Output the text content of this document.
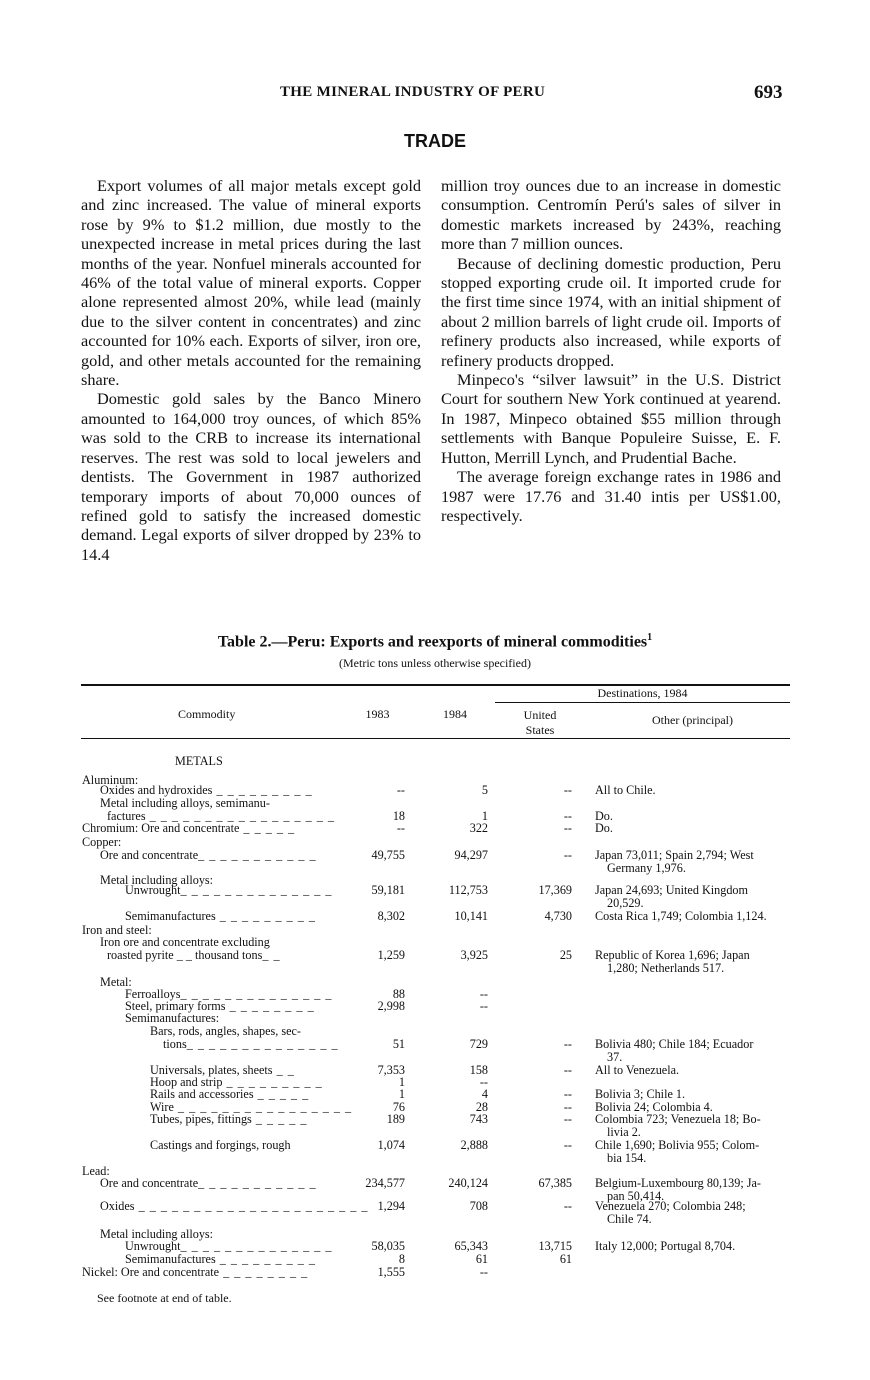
THE MINERAL INDUSTRY OF PERU	693
TRADE

Export volumes of all major metals except gold and zinc increased. The value of mineral exports rose by 9% to $1.2 million, due mostly to the unexpected increase in metal prices during the last months of the year. Nonfuel minerals accounted for 46% of the total value of mineral exports. Copper alone represented almost 20%, while lead (mainly due to the silver content in concentrates) and zinc accounted for 10% each. Exports of silver, iron ore, gold, and other metals accounted for the remaining share.

Domestic gold sales by the Banco Minero amounted to 164,000 troy ounces, of which 85% was sold to the CRB to increase its international reserves. The rest was sold to local jewelers and dentists. The Government in 1987 authorized temporary imports of about 70,000 ounces of refined gold to satisfy the increased domestic demand. Legal exports of silver dropped by 23% to 14.4

million troy ounces due to an increase in domestic consumption. Centromín Perú's sales of silver in domestic markets increased by 243%, reaching more than 7 million ounces.

Because of declining domestic production, Peru stopped exporting crude oil. It imported crude for the first time since 1974, with an initial shipment of about 2 million barrels of light crude oil. Imports of refinery products also increased, while exports of refinery products dropped.

Minpeco's “silver lawsuit” in the U.S. District Court for southern New York continued at yearend. In 1987, Minpeco obtained $55 million through settlements with Banque Populeire Suisse, E. F. Hutton, Merrill Lynch, and Prudential Bache.

The average foreign exchange rates in 1986 and 1987 were 17.76 and 31.40 intis per US$1.00, respectively.

Table 2.—Peru: Exports and reexports of mineral commodities$^1$
(Metric tons unless otherwise specified)
Destinations, 1984
Commodity	1983	1984	United
States
Other (principal)
METALS
Aluminum:
Oxides and hydroxides _ _ _ _ _ _ _ _ _	--	5	-- All to Chile.
Metal including alloys, semimanu-
factures _ _ _ _ _ _ _ _ _ _ _ _ _ _ _ _ _	18	1	-- Do.
Chromium: Ore and concentrate _ _ _ _ _	--	322	-- Do.
Copper:
Ore and concentrate_ _ _ _ _ _ _ _ _ _ _	49,755	94,297	-- Japan 73,011; Spain 2,794; West
Germany 1,976.
Metal including alloys:
Unwrought_ _ _ _ _ _ _ _ _ _ _ _ _ _	59,181	112,753	17,369 Japan 24,693; United Kingdom
20,529.
Semimanufactures _ _ _ _ _ _ _ _ _	8,302	10,141	4,730 Costa Rica 1,749; Colombia 1,124.
Iron and steel:
Iron ore and concentrate excluding
roasted pyrite _ _ thousand tons_ _	1,259	3,925	25 Republic of Korea 1,696; Japan
1,280; Netherlands 517.
Metal:
Ferroalloys_ _ _ _ _ _ _ _ _ _ _ _ _ _	88	--
Steel, primary forms _ _ _ _ _ _ _ _	2,998	--
Semimanufactures:
Bars, rods, angles, shapes, sec-
tions_ _ _ _ _ _ _ _ _ _ _ _ _ _	51	729	-- Bolivia 480; Chile 184; Ecuador
37.
Universals, plates, sheets _ _	7,353	158	-- All to Venezuela.
Hoop and strip _ _ _ _ _ _ _ _ _	1	--
Rails and accessories _ _ _ _ _	1	4	-- Bolivia 3; Chile 1.
Wire _ _ _ _ _ _ _ _ _ _ _ _ _ _ _ _	76	28	-- Bolivia 24; Colombia 4.
Tubes, pipes, fittings _ _ _ _ _	189	743	-- Colombia 723; Venezuela 18; Bo-
livia 2.
Castings and forgings, rough	1,074	2,888	-- Chile 1,690; Bolivia 955; Colom-
bia 154.
Lead:
Ore and concentrate_ _ _ _ _ _ _ _ _ _ _	234,577	240,124	67,385 Belgium-Luxembourg 80,139; Ja-
pan 50,414.
Oxides _ _ _ _ _ _ _ _ _ _ _ _ _ _ _ _ _ _ _ _ _ 1,294	708	-- Venezuela 270; Colombia 248;
Chile 74.
Metal including alloys:
Unwrought_ _ _ _ _ _ _ _ _ _ _ _ _ _	58,035	65,343	13,715 Italy 12,000; Portugal 8,704.
Semimanufactures _ _ _ _ _ _ _ _ _	8	61	61
Nickel: Ore and concentrate _ _ _ _ _ _ _ _	1,555	--
See footnote at end of table.
